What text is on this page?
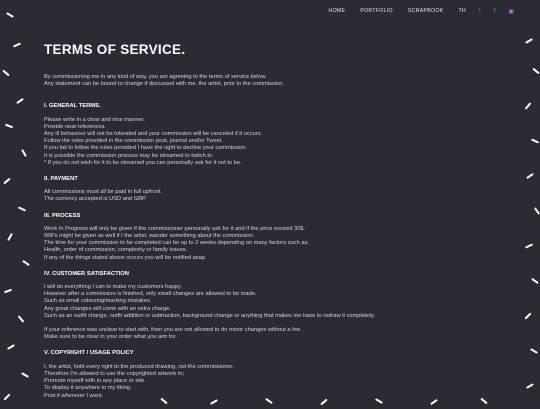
HOME	PORTFOLIO	SCRAPBOOK	TH t t ▣
TERMS OF SERVICE.

By commissioning me in any kind of way, you are agreeing to the terms of service below.

Any statement can be bound to change if discussed with me, the artist, prior to the commission.

I. GENERAL TERMS.

Please write in a clear and nice manner.

Provide neat references.

Any ill behaviour will not be tolerated and your commission will be canceled if it occurs.

Follow the rules provided in the commission post, journal and/or Tweet.

If you fail to follow the rules provided I have the right to decline your commission.

It is possible the commission process may be streamed to twitch.tv.

* If you do not wish for it to be streamed you can personally ask for it not to be.

II. PAYMENT

All commissions must all be paid in full upfront.

The currency accepted is USD and GBP.

III. PROCESS

Work In Progress will only be given if the commissioner personally ask for it and if the price exceed 30$.

WIPs might be given as well if I the artist, wander something about the commission.

The time for your commission to be completed can be up to 2 weeks depending on many factors such as;

Health, order of commission, complexity or family issues.

If any of the things stated above occurs you will be notified asap.

IV. CUSTOMER SATISFACTION

I will do everything I can to make my customers happy.

However after a commission is finished, only small changes are allowed to be made.

Such as small colouring/marking mistakes.

Any great changes will come with an extra charge.

Such as an outfit change, outfit addition or subtraction, background change or anything that makes me have to redraw it completely.

If your reference was unclear to start with, then you are not allowed to do minor changes without a fee.

Make sure to be clear in your order what you aim for.

V. COPYRIGHT / USAGE POLICY

I, the artist, hold every right to the produced drawing, not the commissioner.

Therefore I'm allowed to use the copyrighted artwork to;

Promote myself with in any place or site.

To display it anywhere to my liking.

Post it wherever I want.
